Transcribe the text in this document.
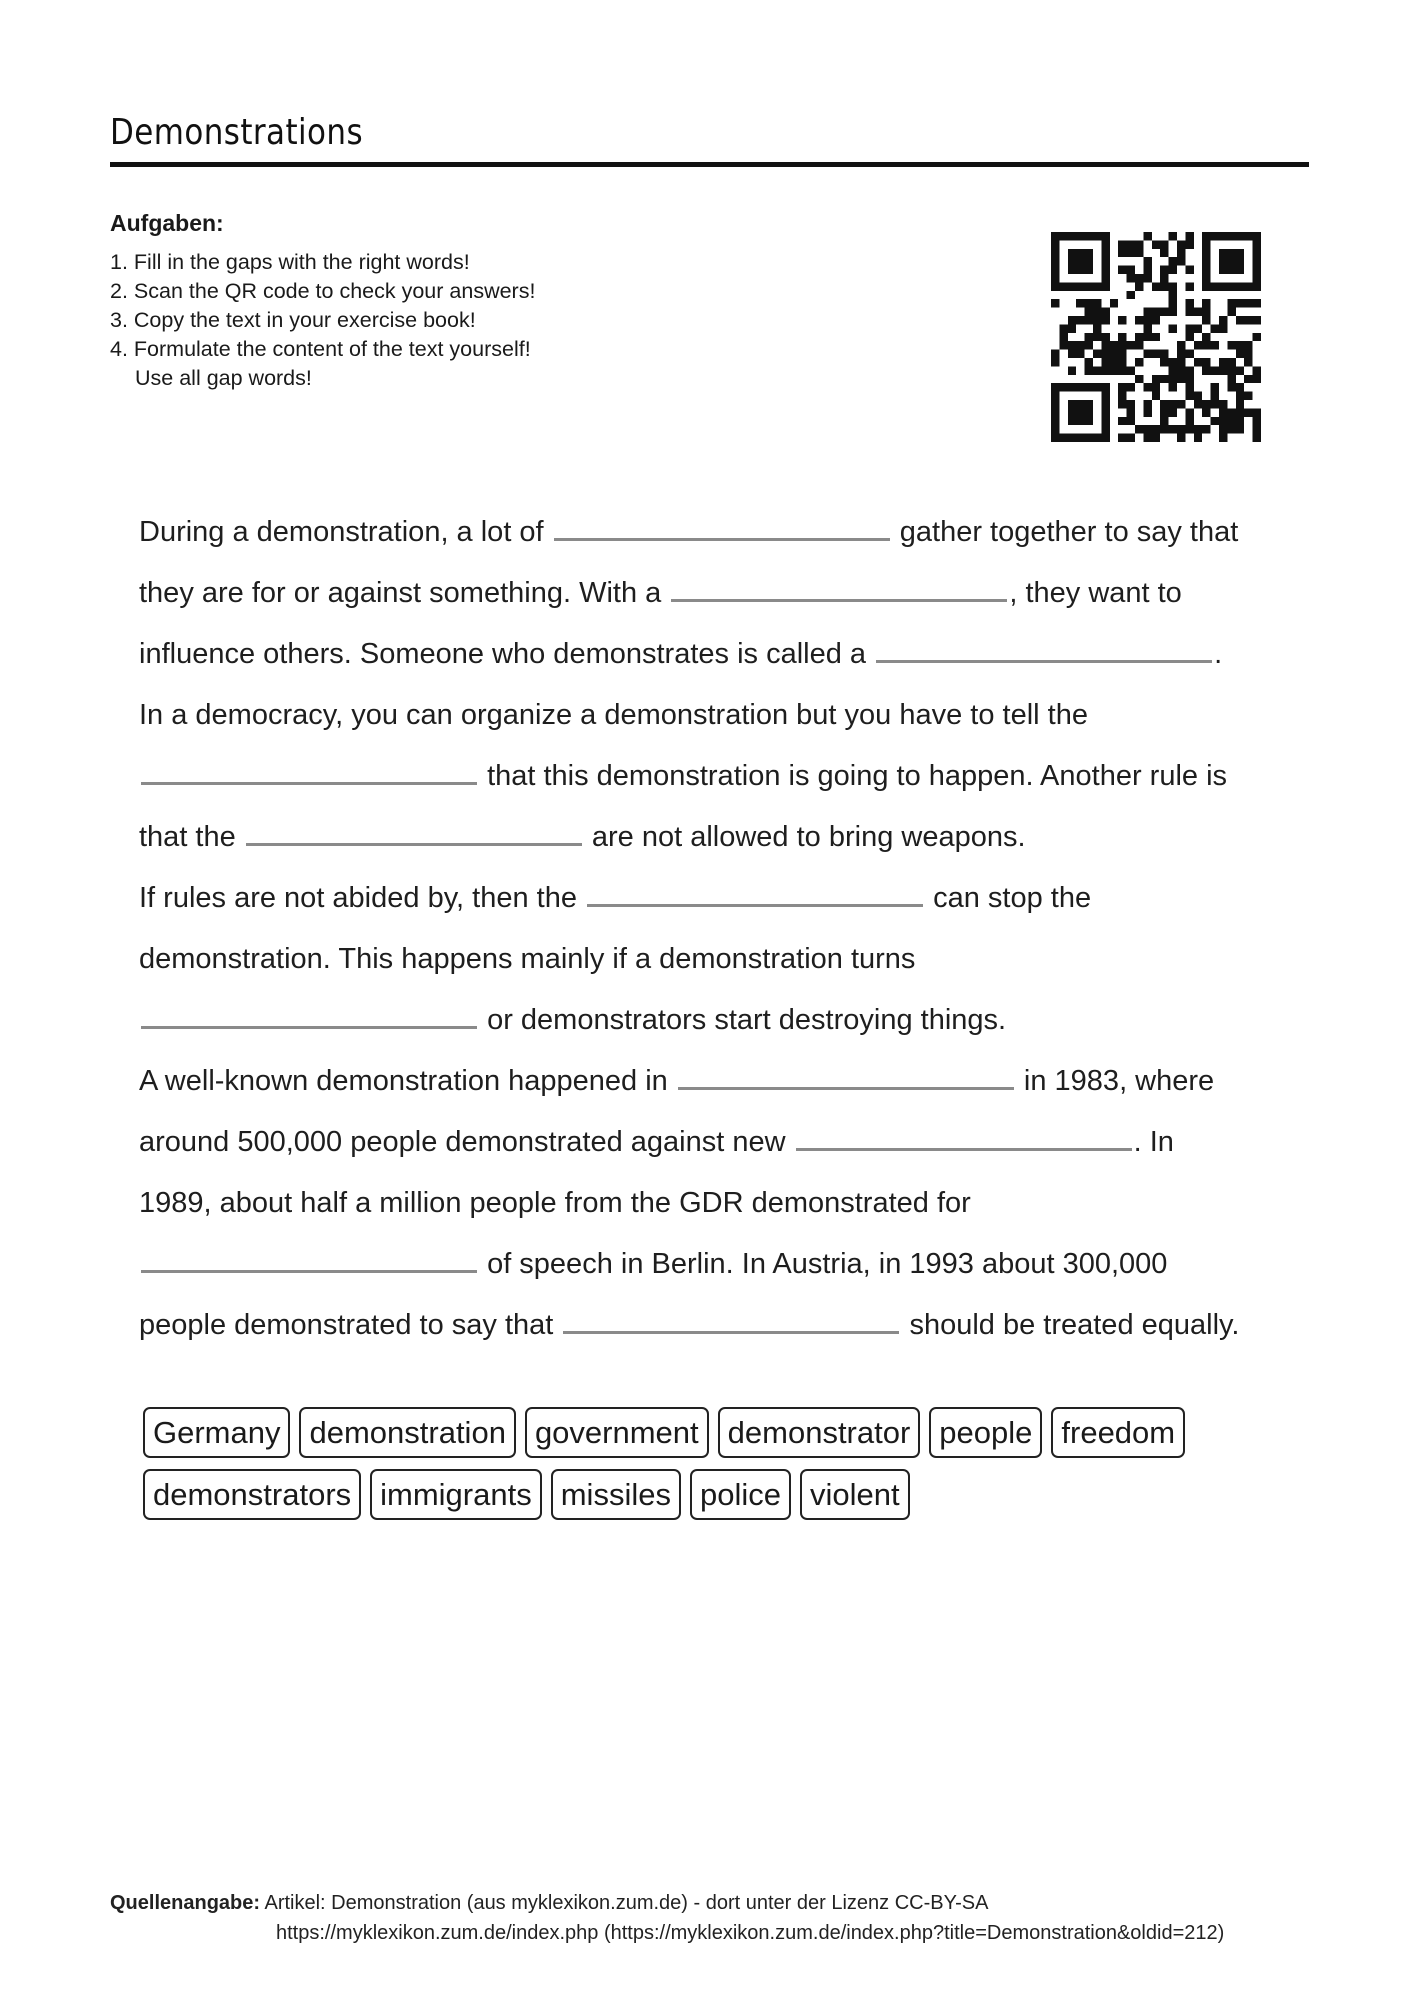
Demonstrations
Aufgaben:
1. Fill in the gaps with the right words!
2. Scan the QR code to check your answers!
3. Copy the text in your exercise book!
4. Formulate the content of the text yourself!
Use all gap words!
During a demonstration, a lot of	gather together to say that
they are for or against something. With a	, they want to
influence others. Someone who demonstrates is called a	.
In a democracy, you can organize a demonstration but you have to tell the
that this demonstration is going to happen. Another rule is
that the	are not allowed to bring weapons.
If rules are not abided by, then the	can stop the
demonstration. This happens mainly if a demonstration turns
or demonstrators start destroying things.
A well-known demonstration happened in	in 1983, where
around 500,000 people demonstrated against new	. In
1989, about half a million people from the GDR demonstrated for
of speech in Berlin. In Austria, in 1993 about 300,000
people demonstrated to say that	should be treated equally.
Germany demonstration government demonstrator people freedom
demonstrators immigrants missiles police violent
Quellenangabe: Artikel: Demonstration (aus myklexikon.zum.de) - dort unter der Lizenz CC-BY-SA
https://myklexikon.zum.de/index.php (https://myklexikon.zum.de/index.php?title=Demonstration&oldid=212)
